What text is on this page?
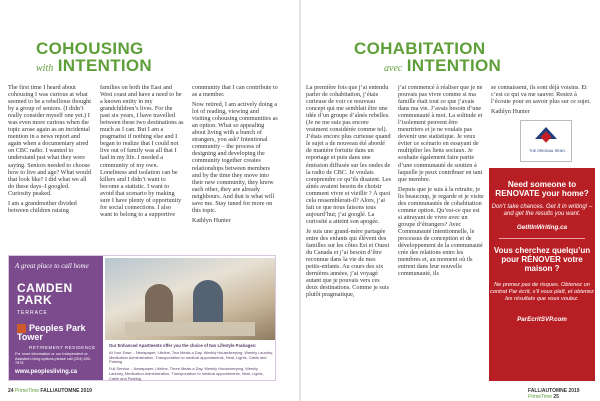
COHOUSING
with INTENTION

The first time I heard about cohousing I was curious at what seemed to be a rebellious thought by a group of seniors. (I didn’t really consider myself one yet.) I was even more curious when the topic arose again as an incidental mention in a news report and again when a documentary aired on CBC radio. I wanted to understand just what they were saying. Seniors needed to choose how to live and age? What would that look like? I did what we all do these days–I googled. Curiosity peaked.

I am a grandmother divided between children raising

families on both the East and West coast and have a need to be a known entity in my grandchildren’s lives. For the past six years, I have travelled between these two destinations as much as I can. But I am a pragmatist if nothing else and I began to realize that I could not live out of family was all that I had in my life. I needed a community of my own. Loneliness and isolation can be killers and I didn’t want to become a statistic. I want to avoid that scenario by making sure I have plenty of opportunity for social connections. I also want to belong to a supportive

community that I can contribute to as a member.

Now retired, I am actively doing a lot of reading, viewing and visiting cohousing communities as an option. What so appealing about living with a bunch of strangers, you ask? Intentional community – the process of designing and developing the community together creates relationships between members and by the time they move into their new community, they know each other, they are already neighbours. And that is what will save me. Stay tuned for more on this topic.

Kathlyn Hunter

A great place to call home
CAMDEN PARK
TERRACE
Peoples Park Tower
RETIREMENT RESIDENCE
For more information or our Independent or Assisted Living options please call (204) 632-7878
www.peoplesliving.ca
Our Enhanced Apartments offer you the choice of two Lifestyle Packages:

At Your Ease – Newspaper, Lifeline, Two Meals a Day, Weekly Housekeeping, Weekly Laundry, Medication Administration, Transportation to medical appointments, Heat, Lights, Cable and Parking

Full Service – Newspaper, Lifeline, Three Meals a Day, Weekly Housekeeping, Weekly Laundry, Medication Administration, Transportation to medical appointments, Heat, Lights, Cable and Parking

24 PrimeTime FALL/AUTOMNE 2019
COHABITATION
avec INTENTION

La première fois que j’ai entendu parler de cohabitation, j’étais curieuse de voir ce nouveau concept qui me semblait être une idée d’un groupe d’aînés rebelles. (Je ne me suis pas encore vraiment considérée comme tel). J’étais encore plus curieuse quand le sujet a de nouveau été abordé de manière fortuite dans un reportage et puis dans une émission diffusée sur les ondes de la radio de CBC. Je voulais comprendre ce qu’ils disaient. Les aînés avaient besoin de choisir comment vivre et vieillir ? À quoi cela ressemblerait-il? Alors, j’ai fait ce que nous faisons tous aujourd’hui; j’ai googlé. La curiosité a atteint son apogée.

Je suis une grand-mère partagée entre des enfants qui élèvent des familles sur les côtes Est et Ouest du Canada et j’ai besoin d’être reconnue dans la vie de mes petits-enfants. Au cours des six dernières années, j’ai voyagé autant que je pouvais vers ces deux destinations. Comme je suis plutôt pragmatique,

j’ai commencé à réaliser que je ne pouvais pas vivre comme si ma famille était tout ce que j’avais dans ma vie. J’avais besoin d’une communauté à moi. La solitude et l’isolement peuvent être meurtriers et je ne voulais pas devenir une statistique. Je veux éviter ce scénario en essayant de multiplier les liens sociaux. Je souhaite également faire partie d’une communauté de soutien à laquelle je peux contribuer en tant que membre.

Depuis que je suis à la retraite, je lis beaucoup, je regarde et je visite des communautés de cohabitation comme option. Qu’est-ce que est si attrayant de vivre avec un groupe d’étrangers? Avec Communauté intentionnelle, le processus de conception et de développement de la communauté crée des relations entre les membres et, au moment où ils entrent dans leur nouvelle communauté, ils

se connaissent, ils sont déjà voisins. Et c’est ce qui va me sauver. Restez à l’écoute pour en savoir plus sur ce sujet.

Kathlyn Hunter

THE ORIGINAL RENO
Need someone to RENOVATE your home?
Don’t take chances. Get it in writing! – and get the results you want.
GetItInWriting.ca
Vous cherchez quelqu’un pour RÉNOVER votre maison ?
Ne prenez pas de risques. Obtenez un contrat Par écrit, s’il vous plaît, et obtenez les résultats que vous voulez.
ParEcritSVP.com
FALL/AUTOMNE 2019 PrimeTime 25
